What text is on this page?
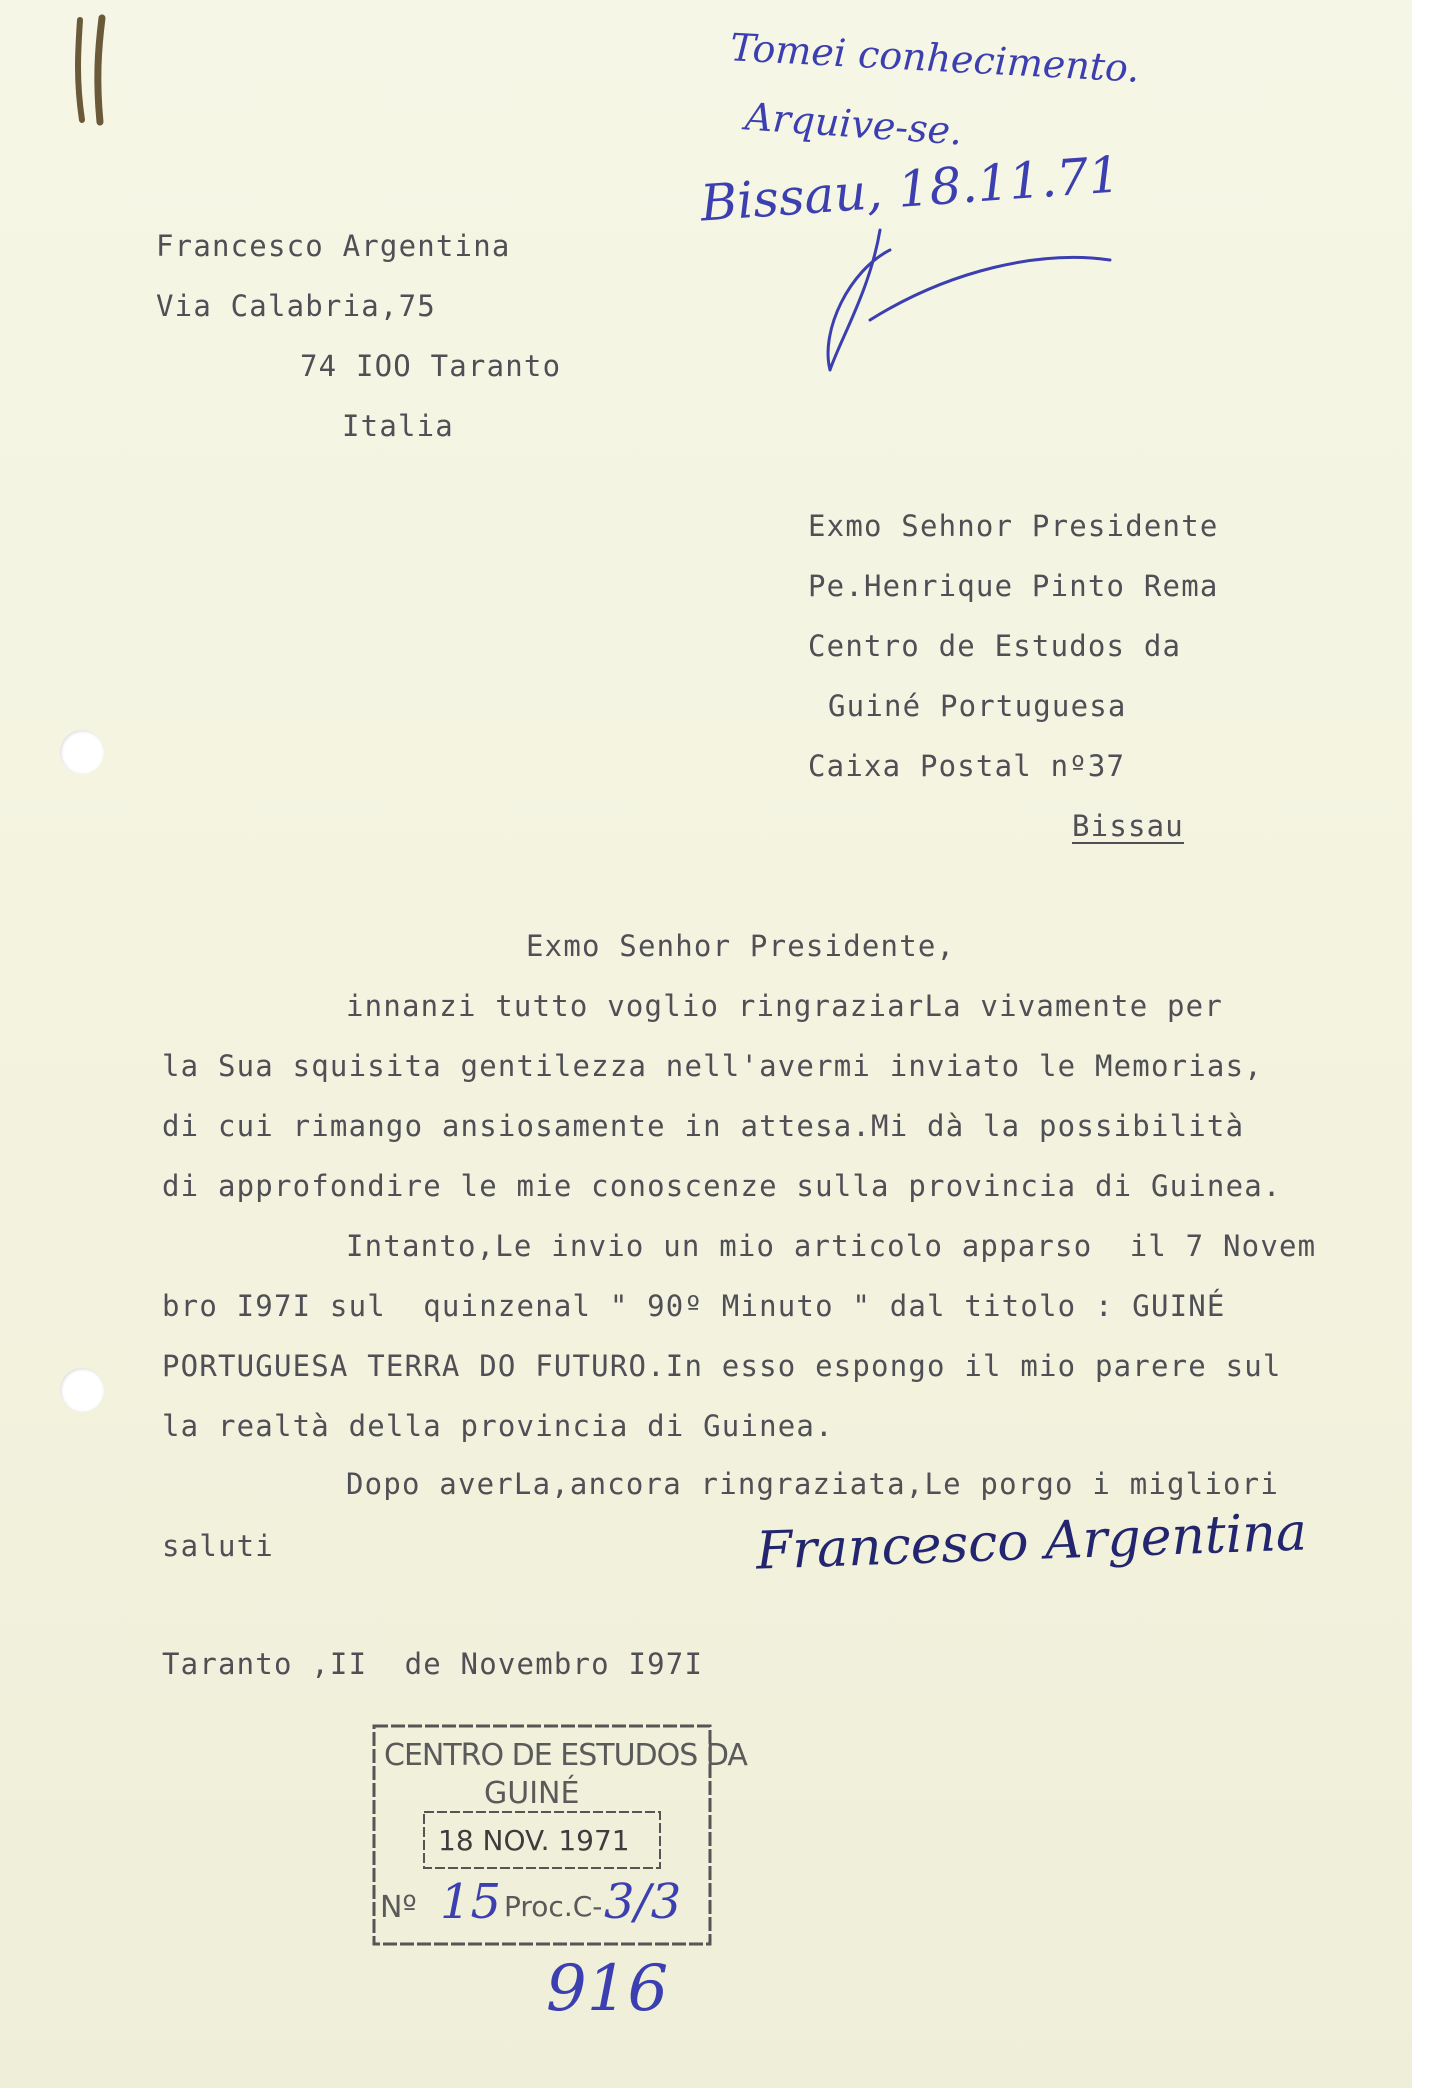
Tomei conhecimento.
Arquive-se.
Bissau, 18.11.71
Francesco Argentina
Via Calabria,75
74 IOO Taranto
Italia
Exmo Sehnor Presidente
Pe.Henrique Pinto Rema
Centro de Estudos da
Guiné Portuguesa
Caixa Postal nº37
Bissau
Exmo Senhor Presidente,
innanzi tutto voglio ringraziarLa vivamente per
la Sua squisita gentilezza nell'avermi inviato le Memorias,
di cui rimango ansiosamente in attesa.Mi dà la possibilità
di approfondire le mie conoscenze sulla provincia di Guinea.
Intanto,Le invio un mio articolo apparso  il 7 Novem
bro I97I sul  quinzenal " 90º Minuto " dal titolo : GUINÉ
PORTUGUESA TERRA DO FUTURO.In esso espongo il mio parere sul
la realtà della provincia di Guinea.
Dopo averLa,ancora ringraziata,Le porgo i migliori
saluti	Francesco Argentina
Taranto ,II  de Novembro I97I
CENTRO DE ESTUDOS DA
GUINÉ
18 NOV. 1971
Nº 15 Proc.C- 3/3
916
